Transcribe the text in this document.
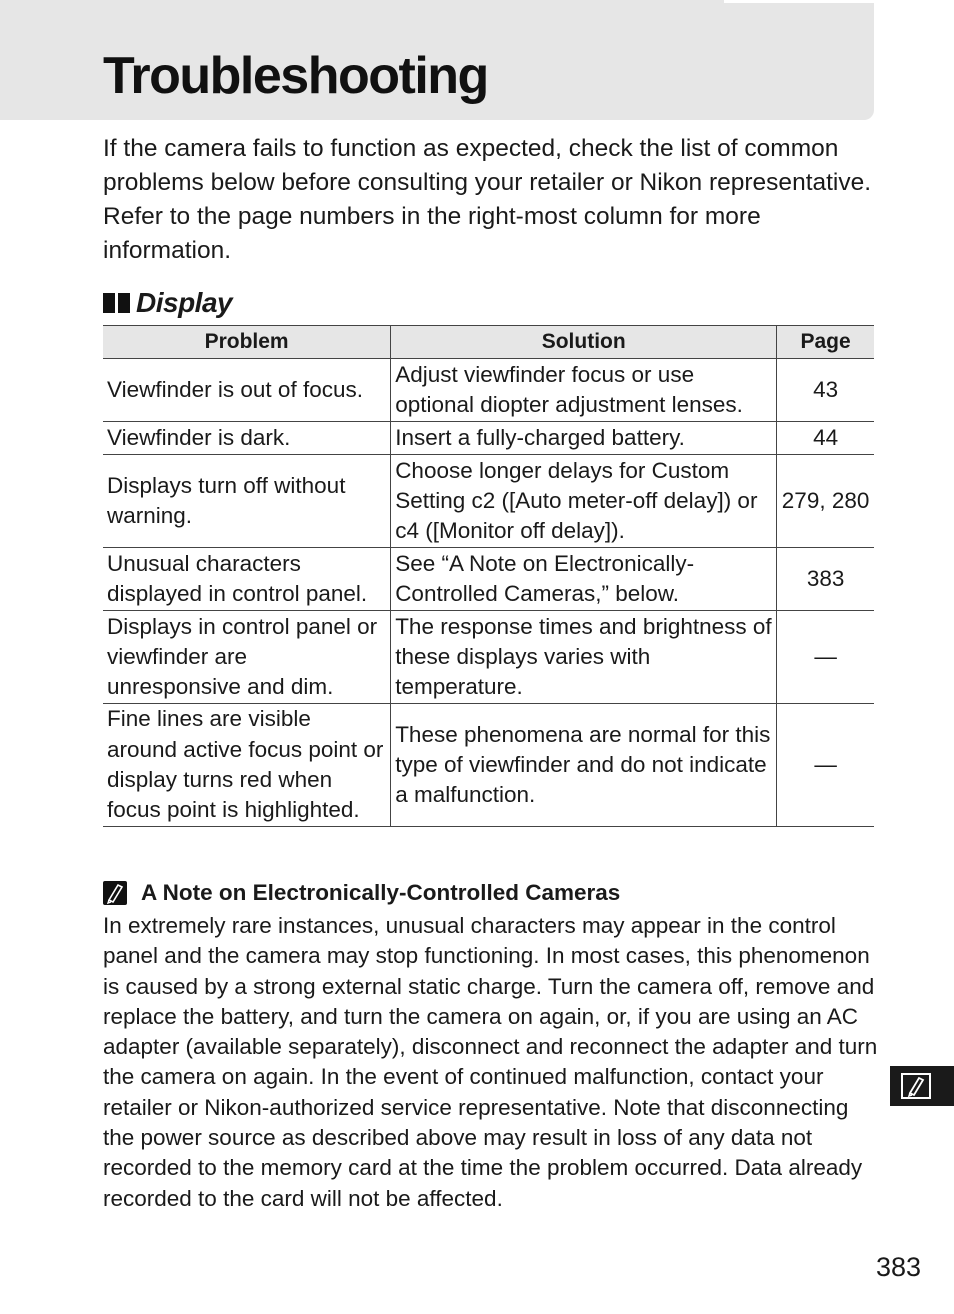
Troubleshooting

If the camera fails to function as expected, check the list of common problems below before consulting your retailer or Nikon representative. Refer to the page numbers in the right-most column for more information.

Display
Problem	Solution	Page
Viewfinder is out of focus.	Adjust viewfinder focus or use optional diopter adjustment lenses.	43
Viewfinder is dark.	Insert a fully-charged battery.	44
Displays turn off without warning.	Choose longer delays for Custom Setting c2 ([Auto meter-off delay]) or c4 ([Monitor off delay]).	279, 280
Unusual characters displayed in control panel.	See “A Note on Electronically-Controlled Cameras,” below.	383
Displays in control panel or viewfinder are unresponsive and dim.	The response times and brightness of these displays varies with temperature.	—
Fine lines are visible around active focus point or display turns red when focus point is highlighted.	These phenomena are normal for this type of viewfinder and do not indicate a malfunction.	—
A Note on Electronically-Controlled Cameras

In extremely rare instances, unusual characters may appear in the control panel and the camera may stop functioning. In most cases, this phenomenon is caused by a strong external static charge. Turn the camera off, remove and replace the battery, and turn the camera on again, or, if you are using an AC adapter (available separately), disconnect and reconnect the adapter and turn the camera on again. In the event of continued malfunction, contact your retailer or Nikon-authorized service representative. Note that disconnecting the power source as described above may result in loss of any data not recorded to the memory card at the time the problem occurred. Data already recorded to the card will not be affected.

383
